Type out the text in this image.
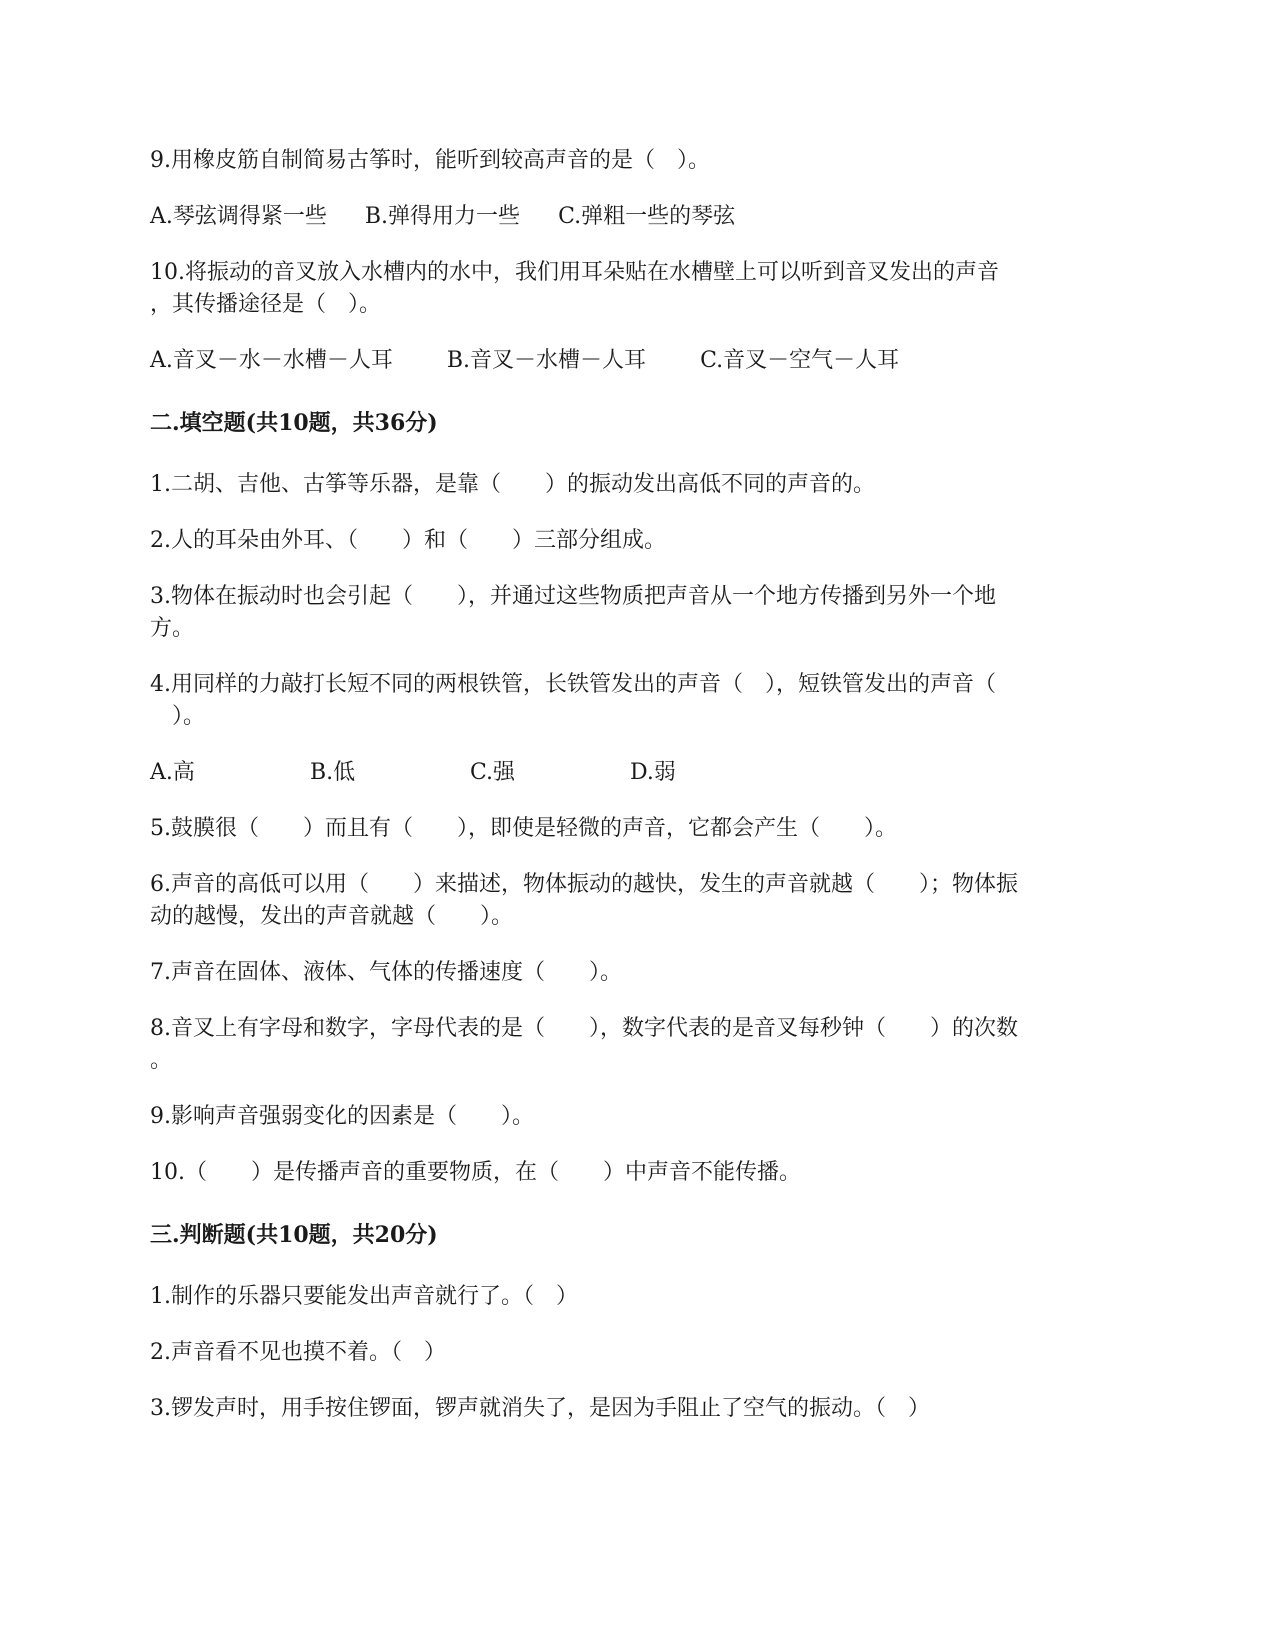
9.用橡皮筋自制简易古筝时，能听到较高声音的是（　）。

A.琴弦调得紧一些 B.弹得用力一些 C.弹粗一些的琴弦

10.将振动的音叉放入水槽内的水中，我们用耳朵贴在水槽壁上可以听到音叉发出的声音

，其传播途径是（　）。

A.音叉－水－水槽－人耳 B.音叉－水槽－人耳 C.音叉－空气－人耳
二.填空题(共10题，共36分)

1.二胡、吉他、古筝等乐器，是靠（　　）的振动发出高低不同的声音的。

2.人的耳朵由外耳、（　　）和（　　）三部分组成。

3.物体在振动时也会引起（　　），并通过这些物质把声音从一个地方传播到另外一个地

方。

4.用同样的力敲打长短不同的两根铁管，长铁管发出的声音（　），短铁管发出的声音（

　）。

A.高	B.低	C.强	D.弱

5.鼓膜很（　　）而且有（　　），即使是轻微的声音，它都会产生（　　）。

6.声音的高低可以用（　　）来描述，物体振动的越快，发生的声音就越（　　）；物体振

动的越慢，发出的声音就越（　　）。

7.声音在固体、液体、气体的传播速度（　　）。

8.音叉上有字母和数字，字母代表的是（　　），数字代表的是音叉每秒钟（　　）的次数

。

9.影响声音强弱变化的因素是（　　）。

10.（　　）是传播声音的重要物质，在（　　）中声音不能传播。

三.判断题(共10题，共20分)

1.制作的乐器只要能发出声音就行了。（　）

2.声音看不见也摸不着。（　）

3.锣发声时，用手按住锣面，锣声就消失了，是因为手阻止了空气的振动。（　）
